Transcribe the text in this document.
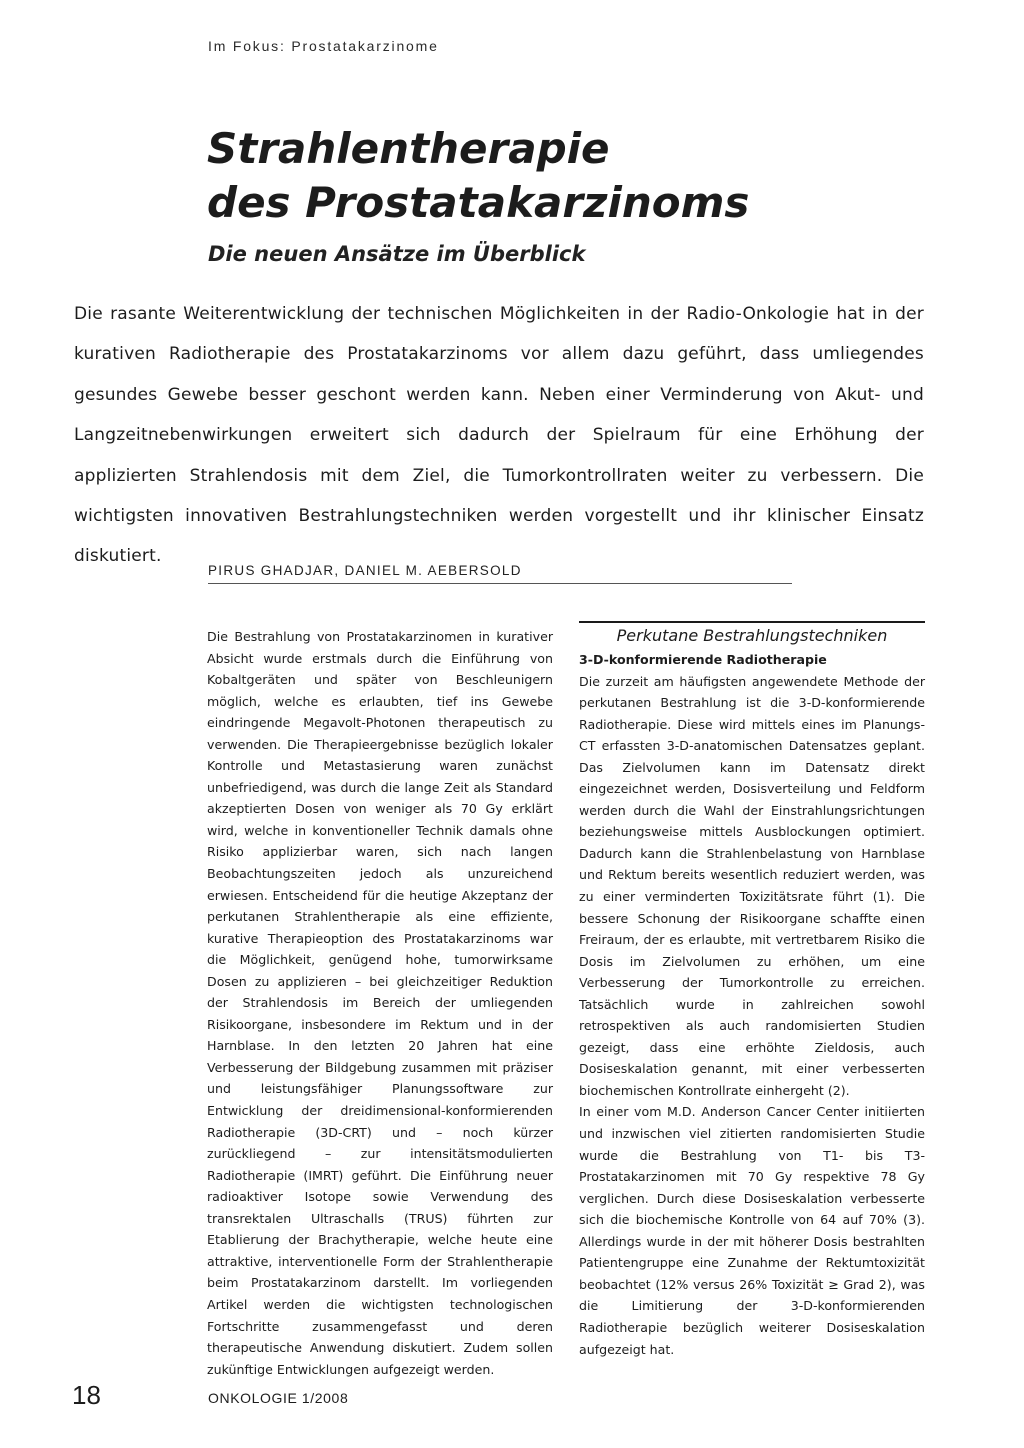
Im Fokus: Prostatakarzinome
Strahlentherapie
des Prostatakarzinoms
Die neuen Ansätze im Überblick
Die rasante Weiterentwicklung der technischen Möglichkeiten in der Radio-Onkologie hat in der kurativen Radiotherapie des Prostatakarzinoms vor allem dazu geführt, dass umliegendes gesundes Gewebe besser geschont werden kann. Neben einer Verminderung von Akut- und Langzeitnebenwirkungen erweitert sich dadurch der Spielraum für eine Erhöhung der applizierten Strahlendosis mit dem Ziel, die Tumorkontrollraten weiter zu verbessern. Die wichtigsten innovativen Bestrahlungstechniken werden vorgestellt und ihr klinischer Einsatz diskutiert.
PIRUS GHADJAR, DANIEL M. AEBERSOLD

Die Bestrahlung von Prostatakarzinomen in kurativer Absicht wurde erstmals durch die Einführung von Kobaltgeräten und später von Beschleunigern möglich, welche es erlaubten, tief ins Gewebe eindringende Megavolt-Photonen therapeutisch zu verwenden. Die Therapieergebnisse bezüglich lokaler Kontrolle und Metastasierung waren zunächst unbefriedigend, was durch die lange Zeit als Standard akzeptierten Dosen von weniger als 70 Gy erklärt wird, welche in konventioneller Technik damals ohne Risiko applizierbar waren, sich nach langen Beobachtungszeiten jedoch als unzureichend erwiesen. Entscheidend für die heutige Akzeptanz der perkutanen Strahlentherapie als eine effiziente, kurative Therapieoption des Prostatakarzinoms war die Möglichkeit, genügend hohe, tumorwirksame Dosen zu applizieren – bei gleichzeitiger Reduktion der Strahlendosis im Bereich der umliegenden Risikoorgane, insbesondere im Rektum und in der Harnblase. In den letzten 20 Jahren hat eine Verbesserung der Bildgebung zusammen mit präziser und leistungsfähiger Planungssoftware zur Entwicklung der dreidimensional-konformierenden Radiotherapie (3D-CRT) und – noch kürzer zurückliegend – zur intensitätsmodulierten Radiotherapie (IMRT) geführt. Die Einführung neuer radioaktiver Isotope sowie Verwendung des transrektalen Ultraschalls (TRUS) führten zur Etablierung der Brachytherapie, welche heute eine attraktive, interventionelle Form der Strahlentherapie beim Prostatakarzinom darstellt. Im vorliegenden Artikel werden die wichtigsten technologischen Fortschritte zusammengefasst und deren therapeutische Anwendung diskutiert. Zudem sollen zukünftige Entwicklungen aufgezeigt werden.

Perkutane Bestrahlungstechniken

3-D-konformierende Radiotherapie

Die zurzeit am häufigsten angewendete Methode der perkutanen Bestrahlung ist die 3-D-konformierende Radiotherapie. Diese wird mittels eines im Planungs-CT erfassten 3-D-anatomischen Datensatzes geplant. Das Zielvolumen kann im Datensatz direkt eingezeichnet werden, Dosisverteilung und Feldform werden durch die Wahl der Einstrahlungsrichtungen beziehungsweise mittels Ausblockungen optimiert. Dadurch kann die Strahlenbelastung von Harnblase und Rektum bereits wesentlich reduziert werden, was zu einer verminderten Toxizitätsrate führt (1). Die bessere Schonung der Risikoorgane schaffte einen Freiraum, der es erlaubte, mit vertretbarem Risiko die Dosis im Zielvolumen zu erhöhen, um eine Verbesserung der Tumorkontrolle zu erreichen. Tatsächlich wurde in zahlreichen sowohl retrospektiven als auch randomisierten Studien gezeigt, dass eine erhöhte Zieldosis, auch Dosiseskalation genannt, mit einer verbesserten biochemischen Kontrollrate einhergeht (2).

In einer vom M.D. Anderson Cancer Center initiierten und inzwischen viel zitierten randomisierten Studie wurde die Bestrahlung von T1- bis T3-Prostatakarzinomen mit 70 Gy respektive 78 Gy verglichen. Durch diese Dosiseskalation verbesserte sich die biochemische Kontrolle von 64 auf 70% (3). Allerdings wurde in der mit höherer Dosis bestrahlten Patientengruppe eine Zunahme der Rektumtoxizität beobachtet (12% versus 26% Toxizität ≥ Grad 2), was die Limitierung der 3-D-konformierenden Radiotherapie bezüglich weiterer Dosiseskalation aufgezeigt hat.

18	ONKOLOGIE 1/2008
